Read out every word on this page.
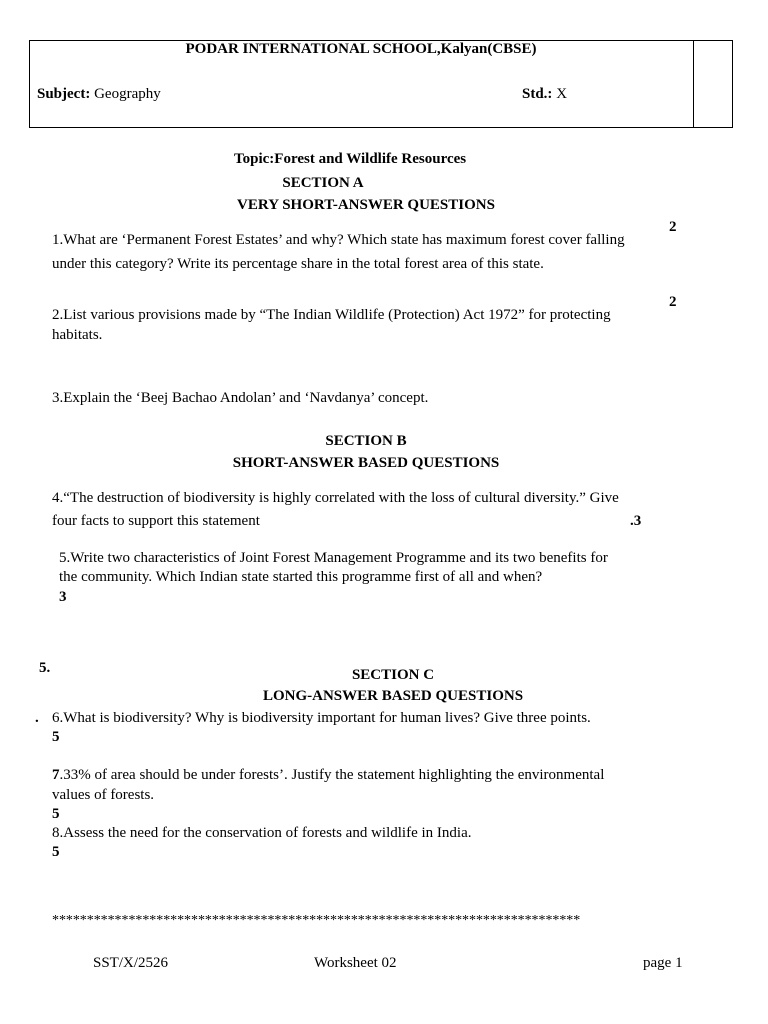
PODAR INTERNATIONAL SCHOOL,Kalyan(CBSE)
Subject: Geography	Std.: X
Topic:Forest and Wildlife Resources
SECTION A
VERY SHORT-ANSWER QUESTIONS
2
1.What are ‘Permanent Forest Estates’ and why? Which state has maximum forest cover falling under this category? Write its percentage share in the total forest area of this state.
2
2.List various provisions made by “The Indian Wildlife (Protection) Act 1972” for protecting habitats.
3.Explain the ‘Beej Bachao Andolan’ and ‘Navdanya’ concept.
SECTION B
SHORT-ANSWER BASED QUESTIONS
4.“The destruction of biodiversity is highly correlated with the loss of cultural diversity.” Give
four facts to support this statement	.3
5.Write two characteristics of Joint Forest Management Programme and its two benefits for
the community. Which Indian state started this programme first of all and when?
3
5.	SECTION C
LONG-ANSWER BASED QUESTIONS
. 6.What is biodiversity? Why is biodiversity important for human lives? Give three points.
5
7.33% of area should be under forests’. Justify the statement highlighting the environmental
values of forests.
5
8.Assess the need for the conservation of forests and wildlife in India.
5
****************************************************************************
SST/X/2526	Worksheet 02	page 1
